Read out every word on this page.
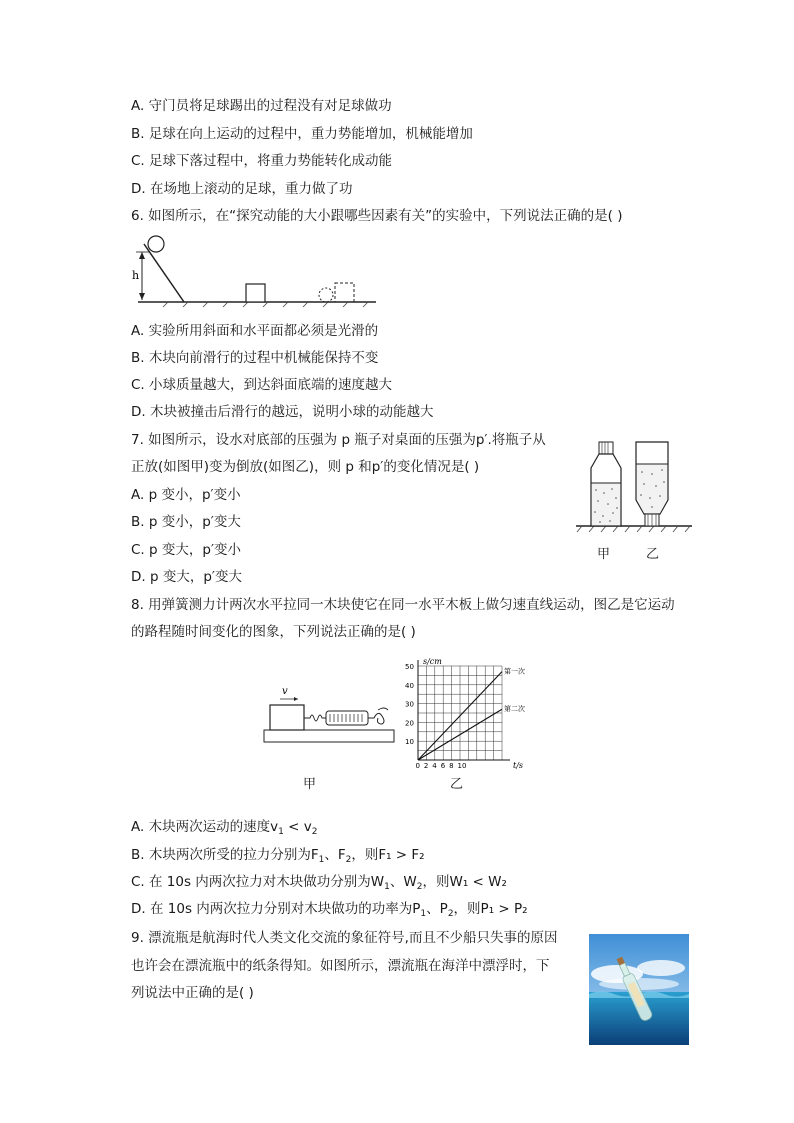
A. 守门员将足球踢出的过程没有对足球做功
B. 足球在向上运动的过程中，重力势能增加，机械能增加
C. 足球下落过程中，将重力势能转化成动能
D. 在场地上滚动的足球，重力做了功
6. 如图所示，在“探究动能的大小跟哪些因素有关”的实验中，下列说法正确的是( )
h
A. 实验所用斜面和水平面都必须是光滑的
B. 木块向前滑行的过程中机械能保持不变
C. 小球质量越大，到达斜面底端的速度越大
D. 木块被撞击后滑行的越远，说明小球的动能越大
7. 如图所示，设水对底部的压强为 p 瓶子对桌面的压强为p′.将瓶子从
正放(如图甲)变为倒放(如图乙)，则 p 和p′的变化情况是( )
A. p 变小，p′变小
B. p 变小，p′变大
C. p 变大，p′变小
D. p 变大，p′变大
甲	乙
8. 用弹簧测力计两次水平拉同一木块使它在同一水平木板上做匀速直线运动，图乙是它运动
的路程随时间变化的图象，下列说法正确的是( )
v
甲
0 2 4 6 8 10
10
20
30
40
50
s/cm
t/s
第一次
第二次
乙
A. 木块两次运动的速度$v_1 < v_2$
B. 木块两次所受的拉力分别为$F_1$、$F_2$，则F₁ > F₂
C. 在 10s 内两次拉力对木块做功分别为$W_1$、$W_2$，则W₁ < W₂
D. 在 10s 内两次拉力分别对木块做功的功率为$P_1$、$P_2$，则P₁ > P₂
9. 漂流瓶是航海时代人类文化交流的象征符号,而且不少船只失事的原因
也许会在漂流瓶中的纸条得知。如图所示，漂流瓶在海洋中漂浮时，下
列说法中正确的是( )
